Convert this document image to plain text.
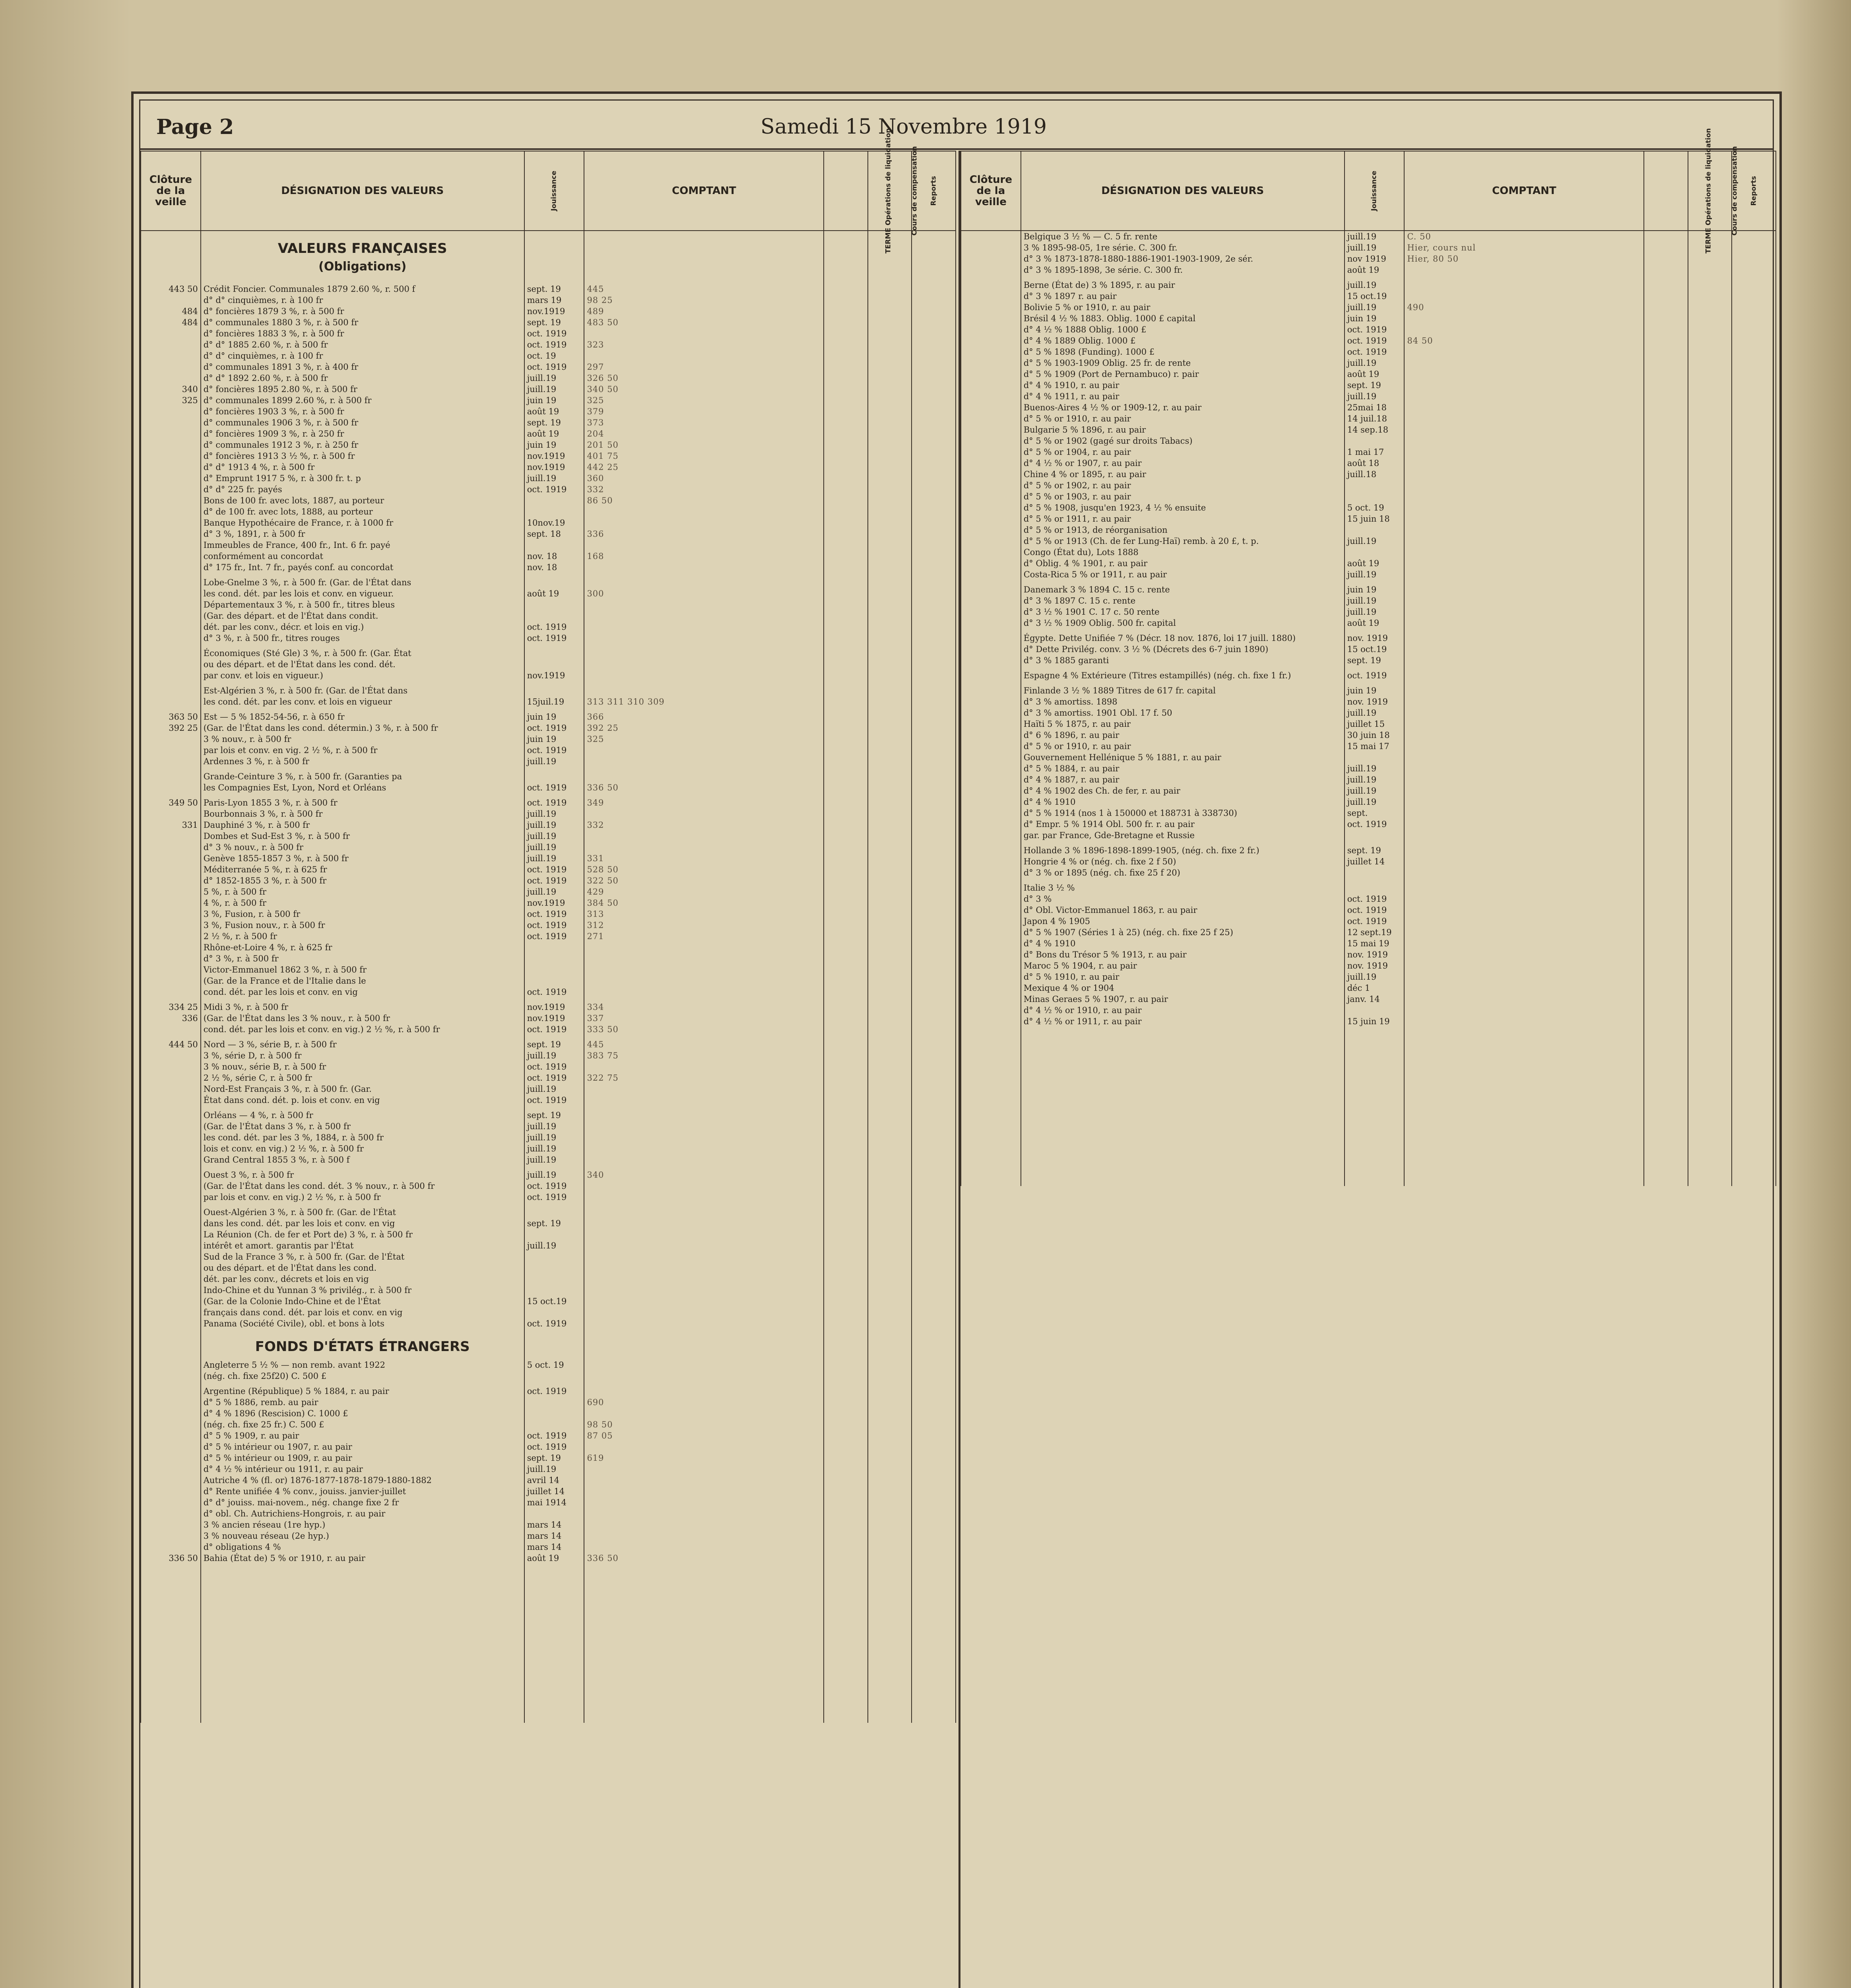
Page 2	Samedi 15 Novembre 1919
Clôture de la veille	DÉSIGNATION DES VALEURS	Jouissance	COMPTANT	TERME Opérations de liquidation	Cours de compensation	Reports
	VALEURS FRANÇAISES					
	(Obligations)					
443 50	Crédit Foncier. Communales 1879 2.60 %, r. 500 f	sept. 19	445			
	d° d° cinquièmes, r. à 100 fr	mars 19	98 25			
484	d° foncières 1879 3 %, r. à 500 fr	nov.1919	489			
484	d° communales 1880 3 %, r. à 500 fr	sept. 19	483 50			
	d° foncières 1883 3 %, r. à 500 fr	oct. 1919				
	d° d° 1885 2.60 %, r. à 500 fr	oct. 1919	323			
	d° d° cinquièmes, r. à 100 fr	oct. 19				
	d° communales 1891 3 %, r. à 400 fr	oct. 1919	297			
	d° d° 1892 2.60 %, r. à 500 fr	juill.19	326 50			
340	d° foncières 1895 2.80 %, r. à 500 fr	juill.19	340 50			
325	d° communales 1899 2.60 %, r. à 500 fr	juin 19	325			
	d° foncières 1903 3 %, r. à 500 fr	août 19	379			
	d° communales 1906 3 %, r. à 500 fr	sept. 19	373			
	d° foncières 1909 3 %, r. à 250 fr	août 19	204			
	d° communales 1912 3 %, r. à 250 fr	juin 19	201 50			
	d° foncières 1913 3 ½ %, r. à 500 fr	nov.1919	401 75			
	d° d° 1913 4 %, r. à 500 fr	nov.1919	442 25			
	d° Emprunt 1917 5 %, r. à 300 fr. t. p	juill.19	360			
	d° d° 225 fr. payés	oct. 1919	332			
	Bons de 100 fr. avec lots, 1887, au porteur		86 50			
	d° de 100 fr. avec lots, 1888, au porteur					
	Banque Hypothécaire de France, r. à 1000 fr	10nov.19				
	d° 3 %, 1891, r. à 500 fr	sept. 18	336			
	Immeubles de France, 400 fr., Int. 6 fr. payé					
	conformément au concordat	nov. 18	168			
	d° 175 fr., Int. 7 fr., payés conf. au concordat	nov. 18				

	Lobe-Gnelme 3 %, r. à 500 fr. (Gar. de l'État dans					
	les cond. dét. par les lois et conv. en vigueur.	août 19	300			
	Départementaux 3 %, r. à 500 fr., titres bleus					
	(Gar. des départ. et de l'État dans condit.					
	dét. par les conv., décr. et lois en vig.)	oct. 1919				
	d° 3 %, r. à 500 fr., titres rouges	oct. 1919				

	Économiques (Sté Gle) 3 %, r. à 500 fr. (Gar. État					
	ou des départ. et de l'État dans les cond. dét.					
	par conv. et lois en vigueur.)	nov.1919				

	Est-Algérien 3 %, r. à 500 fr. (Gar. de l'État dans					
	les cond. dét. par les conv. et lois en vigueur	15juil.19	313 311 310 309			

363 50	Est — 5 % 1852-54-56, r. à 650 fr	juin 19	366			
392 25	(Gar. de l'État dans les cond. détermin.) 3 %, r. à 500 fr	oct. 1919	392 25			
	3 % nouv., r. à 500 fr	juin 19	325			
	par lois et conv. en vig. 2 ½ %, r. à 500 fr	oct. 1919				
	Ardennes 3 %, r. à 500 fr	juill.19				

	Grande-Ceinture 3 %, r. à 500 fr. (Garanties pa					
	les Compagnies Est, Lyon, Nord et Orléans	oct. 1919	336 50			

349 50	Paris-Lyon 1855 3 %, r. à 500 fr	oct. 1919	349			
	Bourbonnais 3 %, r. à 500 fr	juill.19				
331	Dauphiné 3 %, r. à 500 fr	juill.19	332			
	Dombes et Sud-Est 3 %, r. à 500 fr	juill.19				
	d° 3 % nouv., r. à 500 fr	juill.19				
	Genève 1855-1857 3 %, r. à 500 fr	juill.19	331			
	Méditerranée 5 %, r. à 625 fr	oct. 1919	528 50			
	d° 1852-1855 3 %, r. à 500 fr	oct. 1919	322 50			
	5 %, r. à 500 fr	juill.19	429			
	4 %, r. à 500 fr	nov.1919	384 50			
	3 %, Fusion, r. à 500 fr	oct. 1919	313			
	3 %, Fusion nouv., r. à 500 fr	oct. 1919	312			
	2 ½ %, r. à 500 fr	oct. 1919	271			
	Rhône-et-Loire 4 %, r. à 625 fr					
	d° 3 %, r. à 500 fr					
	Victor-Emmanuel 1862 3 %, r. à 500 fr					
	(Gar. de la France et de l'Italie dans le					
	cond. dét. par les lois et conv. en vig	oct. 1919				

334 25	Midi 3 %, r. à 500 fr	nov.1919	334			
336	(Gar. de l'État dans les 3 % nouv., r. à 500 fr	nov.1919	337			
	cond. dét. par les lois et conv. en vig.) 2 ½ %, r. à 500 fr	oct. 1919	333 50			

444 50	Nord — 3 %, série B, r. à 500 fr	sept. 19	445			
	3 %, série D, r. à 500 fr	juill.19	383 75			
	3 % nouv., série B, r. à 500 fr	oct. 1919				
	2 ½ %, série C, r. à 500 fr	oct. 1919	322 75			
	Nord-Est Français 3 %, r. à 500 fr. (Gar.	juill.19				
	État dans cond. dét. p. lois et conv. en vig	oct. 1919				

	Orléans — 4 %, r. à 500 fr	sept. 19				
	(Gar. de l'État dans 3 %, r. à 500 fr	juill.19				
	les cond. dét. par les 3 %, 1884, r. à 500 fr	juill.19				
	lois et conv. en vig.) 2 ½ %, r. à 500 fr	juill.19				
	Grand Central 1855 3 %, r. à 500 f	juill.19				

	Ouest 3 %, r. à 500 fr	juill.19	340			
	(Gar. de l'État dans les cond. dét. 3 % nouv., r. à 500 fr	oct. 1919				
	par lois et conv. en vig.) 2 ½ %, r. à 500 fr	oct. 1919				

	Ouest-Algérien 3 %, r. à 500 fr. (Gar. de l'État					
	dans les cond. dét. par les lois et conv. en vig	sept. 19				
	La Réunion (Ch. de fer et Port de) 3 %, r. à 500 fr					
	intérêt et amort. garantis par l'État	juill.19				
	Sud de la France 3 %, r. à 500 fr. (Gar. de l'État					
	ou des départ. et de l'État dans les cond.					
	dét. par les conv., décrets et lois en vig					
	Indo-Chine et du Yunnan 3 % privilég., r. à 500 fr					
	(Gar. de la Colonie Indo-Chine et de l'État	15 oct.19				
	français dans cond. dét. par lois et conv. en vig					
	Panama (Société Civile), obl. et bons à lots	oct. 1919				
	FONDS D'ÉTATS ÉTRANGERS					
	Angleterre 5 ½ % — non remb. avant 1922	5 oct. 19				
	(nég. ch. fixe 25f20) C. 500 £					

	Argentine (République) 5 % 1884, r. au pair	oct. 1919				
	d° 5 % 1886, remb. au pair		690			
	d° 4 % 1896 (Rescision) C. 1000 £					
	(nég. ch. fixe 25 fr.) C. 500 £		98 50			
	d° 5 % 1909, r. au pair	oct. 1919	87 05			
	d° 5 % intérieur ou 1907, r. au pair	oct. 1919				
	d° 5 % intérieur ou 1909, r. au pair	sept. 19	619			
	d° 4 ½ % intérieur ou 1911, r. au pair	juill.19				
	Autriche 4 % (fl. or) 1876-1877-1878-1879-1880-1882	avril 14				
	d° Rente unifiée 4 % conv., jouiss. janvier-juillet	juillet 14				
	d° d° jouiss. mai-novem., nég. change fixe 2 fr	mai 1914				
	d° obl. Ch. Autrichiens-Hongrois, r. au pair					
	3 % ancien réseau (1re hyp.)	mars 14				
	3 % nouveau réseau (2e hyp.)	mars 14				
	d° obligations 4 %	mars 14				
336 50	Bahia (État de) 5 % or 1910, r. au pair	août 19	336 50			

Clôture de la veille	DÉSIGNATION DES VALEURS	Jouissance	COMPTANT	TERME Opérations de liquidation	Cours de compensation	Reports
	Belgique 3 ½ % — C. 5 fr. rente	juill.19	C. 50			
	3 % 1895-98-05, 1re série. C. 300 fr.	juill.19	Hier, cours nul			
	d° 3 % 1873-1878-1880-1886-1901-1903-1909, 2e sér.	nov 1919	Hier, 80 50			
	d° 3 % 1895-1898, 3e série. C. 300 fr.	août 19				

	Berne (État de) 3 % 1895, r. au pair	juill.19				
	d° 3 % 1897 r. au pair	15 oct.19				
	Bolivie 5 % or 1910, r. au pair	juill.19	490			
	Brésil 4 ½ % 1883. Oblig. 1000 £ capital	juin 19				
	d° 4 ½ % 1888 Oblig. 1000 £	oct. 1919				
	d° 4 % 1889 Oblig. 1000 £	oct. 1919	84 50			
	d° 5 % 1898 (Funding). 1000 £	oct. 1919				
	d° 5 % 1903-1909 Oblig. 25 fr. de rente	juill.19				
	d° 5 % 1909 (Port de Pernambuco) r. pair	août 19				
	d° 4 % 1910, r. au pair	sept. 19				
	d° 4 % 1911, r. au pair	juill.19				
	Buenos-Aires 4 ½ % or 1909-12, r. au pair	25mai 18				
	d° 5 % or 1910, r. au pair	14 juil.18				
	Bulgarie 5 % 1896, r. au pair	14 sep.18				
	d° 5 % or 1902 (gagé sur droits Tabacs)					
	d° 5 % or 1904, r. au pair	1 mai 17				
	d° 4 ½ % or 1907, r. au pair	août 18				
	Chine 4 % or 1895, r. au pair	juill.18				
	d° 5 % or 1902, r. au pair					
	d° 5 % or 1903, r. au pair					
	d° 5 % 1908, jusqu'en 1923, 4 ½ % ensuite	5 oct. 19				
	d° 5 % or 1911, r. au pair	15 juin 18				
	d° 5 % or 1913, de réorganisation					
	d° 5 % or 1913 (Ch. de fer Lung-Haï) remb. à 20 £, t. p.	juill.19				
	Congo (État du), Lots 1888					
	d° Oblig. 4 % 1901, r. au pair	août 19				
	Costa-Rica 5 % or 1911, r. au pair	juill.19				

	Danemark 3 % 1894 C. 15 c. rente	juin 19				
	d° 3 % 1897 C. 15 c. rente	juill.19				
	d° 3 ½ % 1901 C. 17 c. 50 rente	juill.19				
	d° 3 ½ % 1909 Oblig. 500 fr. capital	août 19				

	Égypte. Dette Unifiée 7 % (Décr. 18 nov. 1876, loi 17 juill. 1880)	nov. 1919				
	d° Dette Privilég. conv. 3 ½ % (Décrets des 6-7 juin 1890)	15 oct.19				
	d° 3 % 1885 garanti	sept. 19				

	Espagne 4 % Extérieure (Titres estampillés) (nég. ch. fixe 1 fr.)	oct. 1919				

	Finlande 3 ½ % 1889 Titres de 617 fr. capital	juin 19				
	d° 3 % amortiss. 1898	nov. 1919				
	d° 3 % amortiss. 1901 Obl. 17 f. 50	juill.19				
	Haïti 5 % 1875, r. au pair	juillet 15				
	d° 6 % 1896, r. au pair	30 juin 18				
	d° 5 % or 1910, r. au pair	15 mai 17				
	Gouvernement Hellénique 5 % 1881, r. au pair					
	d° 5 % 1884, r. au pair	juill.19				
	d° 4 % 1887, r. au pair	juill.19				
	d° 4 % 1902 des Ch. de fer, r. au pair	juill.19				
	d° 4 % 1910	juill.19				
	d° 5 % 1914 (nos 1 à 150000 et 188731 à 338730)	sept.				
	d° Empr. 5 % 1914 Obl. 500 fr. r. au pair	oct. 1919				
	gar. par France, Gde-Bretagne et Russie					

	Hollande 3 % 1896-1898-1899-1905, (nég. ch. fixe 2 fr.)	sept. 19				
	Hongrie 4 % or (nég. ch. fixe 2 f 50)	juillet 14				
	d° 3 % or 1895 (nég. ch. fixe 25 f 20)					

	Italie 3 ½ %					
	d° 3 %	oct. 1919				
	d° Obl. Victor-Emmanuel 1863, r. au pair	oct. 1919				
	Japon 4 % 1905	oct. 1919				
	d° 5 % 1907 (Séries 1 à 25) (nég. ch. fixe 25 f 25)	12 sept.19				
	d° 4 % 1910	15 mai 19				
	d° Bons du Trésor 5 % 1913, r. au pair	nov. 1919				
	Maroc 5 % 1904, r. au pair	nov. 1919				
	d° 5 % 1910, r. au pair	juill.19				
	Mexique 4 % or 1904	déc 1				
	Minas Geraes 5 % 1907, r. au pair	janv. 14				
	d° 4 ½ % or 1910, r. au pair					
	d° 4 ½ % or 1911, r. au pair	15 juin 19				
